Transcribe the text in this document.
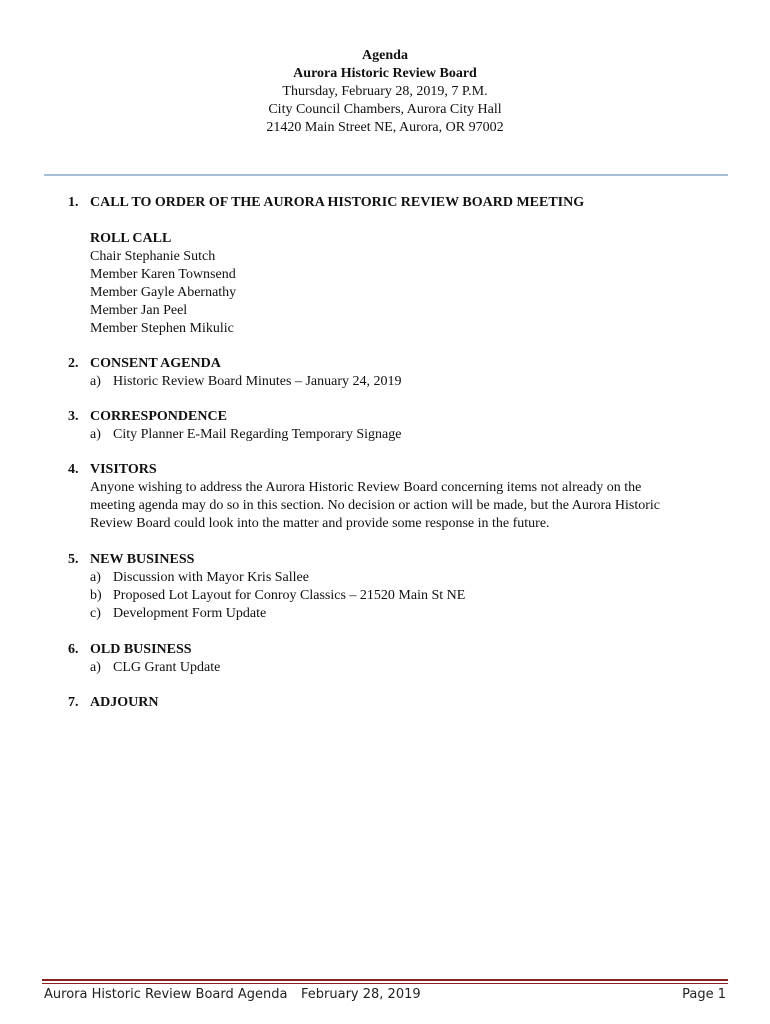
Agenda
Aurora Historic Review Board
Thursday, February 28, 2019, 7 P.M.
City Council Chambers, Aurora City Hall
21420 Main Street NE, Aurora, OR 97002
1. CALL TO ORDER OF THE AURORA HISTORIC REVIEW BOARD MEETING
ROLL CALL
Chair Stephanie Sutch
Member Karen Townsend
Member Gayle Abernathy
Member Jan Peel
Member Stephen Mikulic
2. CONSENT AGENDA
a) Historic Review Board Minutes – January 24, 2019
3. CORRESPONDENCE
a) City Planner E-Mail Regarding Temporary Signage
4. VISITORS
Anyone wishing to address the Aurora Historic Review Board concerning items not already on the
meeting agenda may do so in this section. No decision or action will be made, but the Aurora Historic
Review Board could look into the matter and provide some response in the future.
5. NEW BUSINESS
a) Discussion with Mayor Kris Sallee
b) Proposed Lot Layout for Conroy Classics – 21520 Main St NE
c) Development Form Update
6. OLD BUSINESS
a) CLG Grant Update
7. ADJOURN
Aurora Historic Review Board Agenda February 28, 2019	Page 1
